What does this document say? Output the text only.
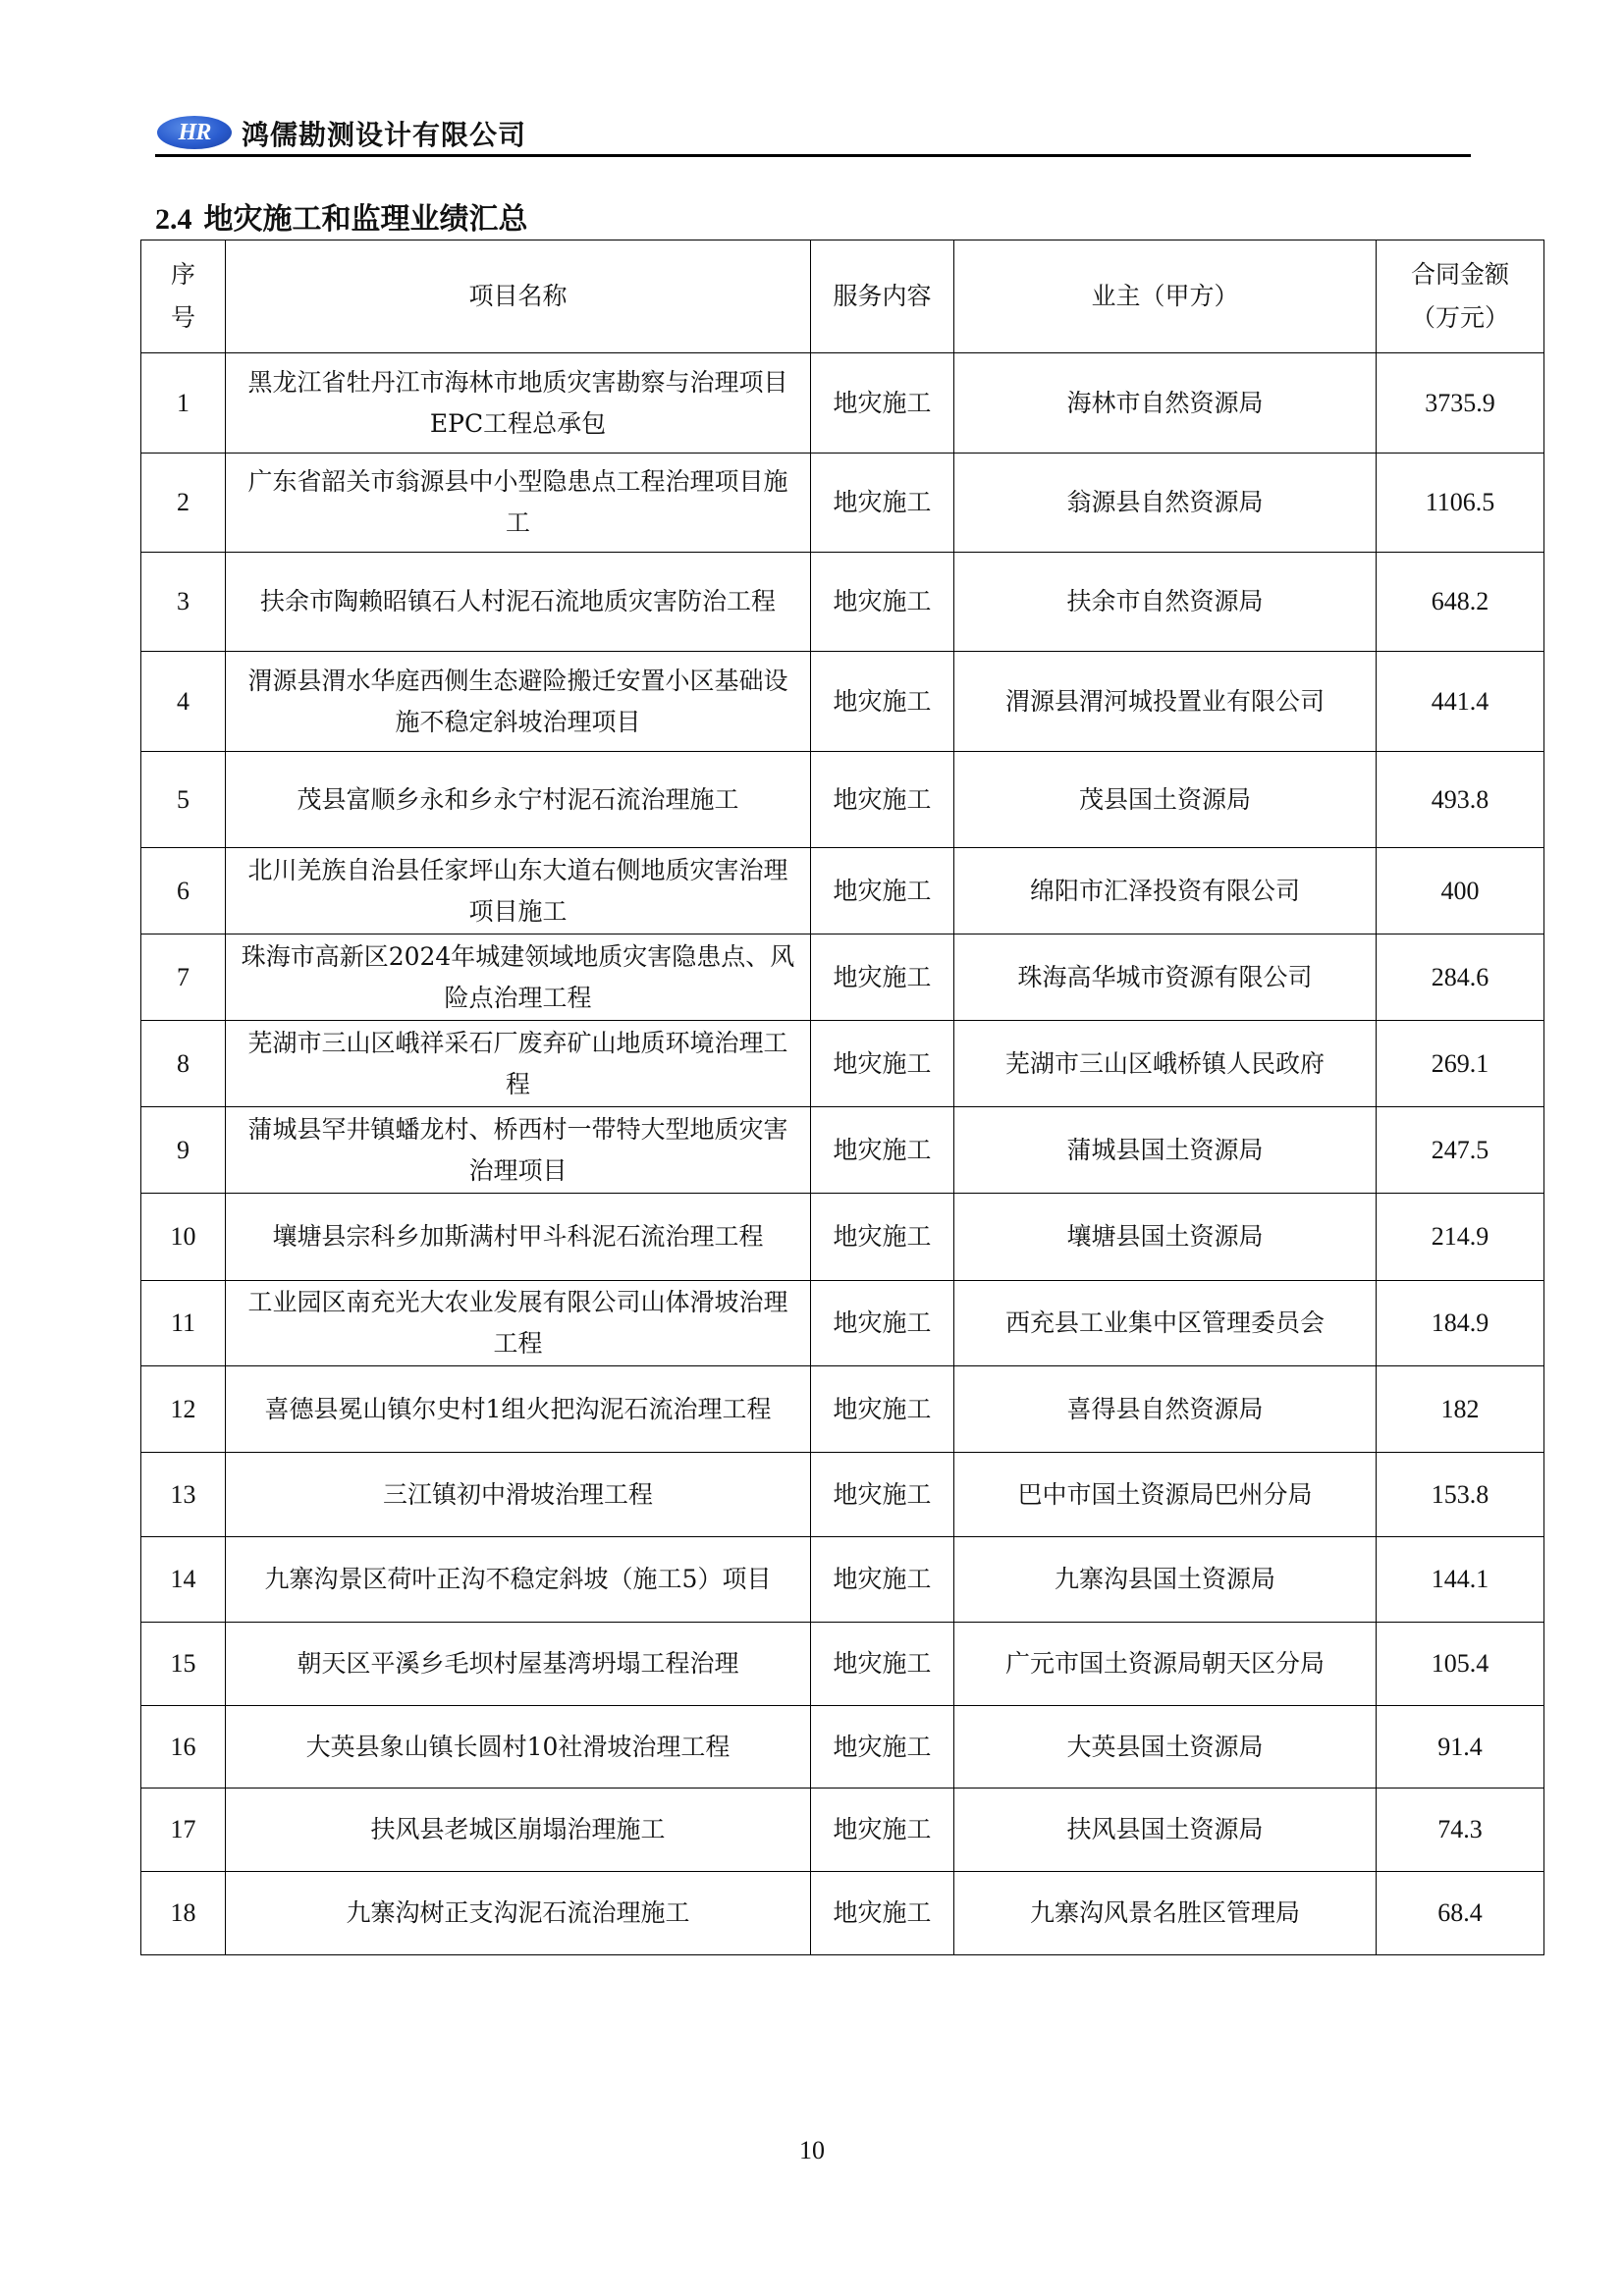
HR	鸿儒勘测设计有限公司
2.4 地灾施工和监理业绩汇总
序号	项目名称	服务内容	业主（甲方）	合同金额（万元）
1	黑龙江省牡丹江市海林市地质灾害勘察与治理项目EPC工程总承包	地灾施工	海林市自然资源局	3735.9
2	广东省韶关市翁源县中小型隐患点工程治理项目施工	地灾施工	翁源县自然资源局	1106.5
3	扶余市陶赖昭镇石人村泥石流地质灾害防治工程	地灾施工	扶余市自然资源局	648.2
4	渭源县渭水华庭西侧生态避险搬迁安置小区基础设施不稳定斜坡治理项目	地灾施工	渭源县渭河城投置业有限公司	441.4
5	茂县富顺乡永和乡永宁村泥石流治理施工	地灾施工	茂县国土资源局	493.8
6	北川羌族自治县任家坪山东大道右侧地质灾害治理项目施工	地灾施工	绵阳市汇泽投资有限公司	400
7	珠海市高新区2024年城建领域地质灾害隐患点、风险点治理工程	地灾施工	珠海高华城市资源有限公司	284.6
8	芜湖市三山区峨祥采石厂废弃矿山地质环境治理工程	地灾施工	芜湖市三山区峨桥镇人民政府	269.1
9	蒲城县罕井镇蟠龙村、桥西村一带特大型地质灾害治理项目	地灾施工	蒲城县国土资源局	247.5
10	壤塘县宗科乡加斯满村甲斗科泥石流治理工程	地灾施工	壤塘县国土资源局	214.9
11	工业园区南充光大农业发展有限公司山体滑坡治理工程	地灾施工	西充县工业集中区管理委员会	184.9
12	喜德县冕山镇尔史村1组火把沟泥石流治理工程	地灾施工	喜得县自然资源局	182
13	三江镇初中滑坡治理工程	地灾施工	巴中市国土资源局巴州分局	153.8
14	九寨沟景区荷叶正沟不稳定斜坡（施工5）项目	地灾施工	九寨沟县国土资源局	144.1
15	朝天区平溪乡毛坝村屋基湾坍塌工程治理	地灾施工	广元市国土资源局朝天区分局	105.4
16	大英县象山镇长圆村10社滑坡治理工程	地灾施工	大英县国土资源局	91.4
17	扶风县老城区崩塌治理施工	地灾施工	扶风县国土资源局	74.3
18	九寨沟树正支沟泥石流治理施工	地灾施工	九寨沟风景名胜区管理局	68.4
10
